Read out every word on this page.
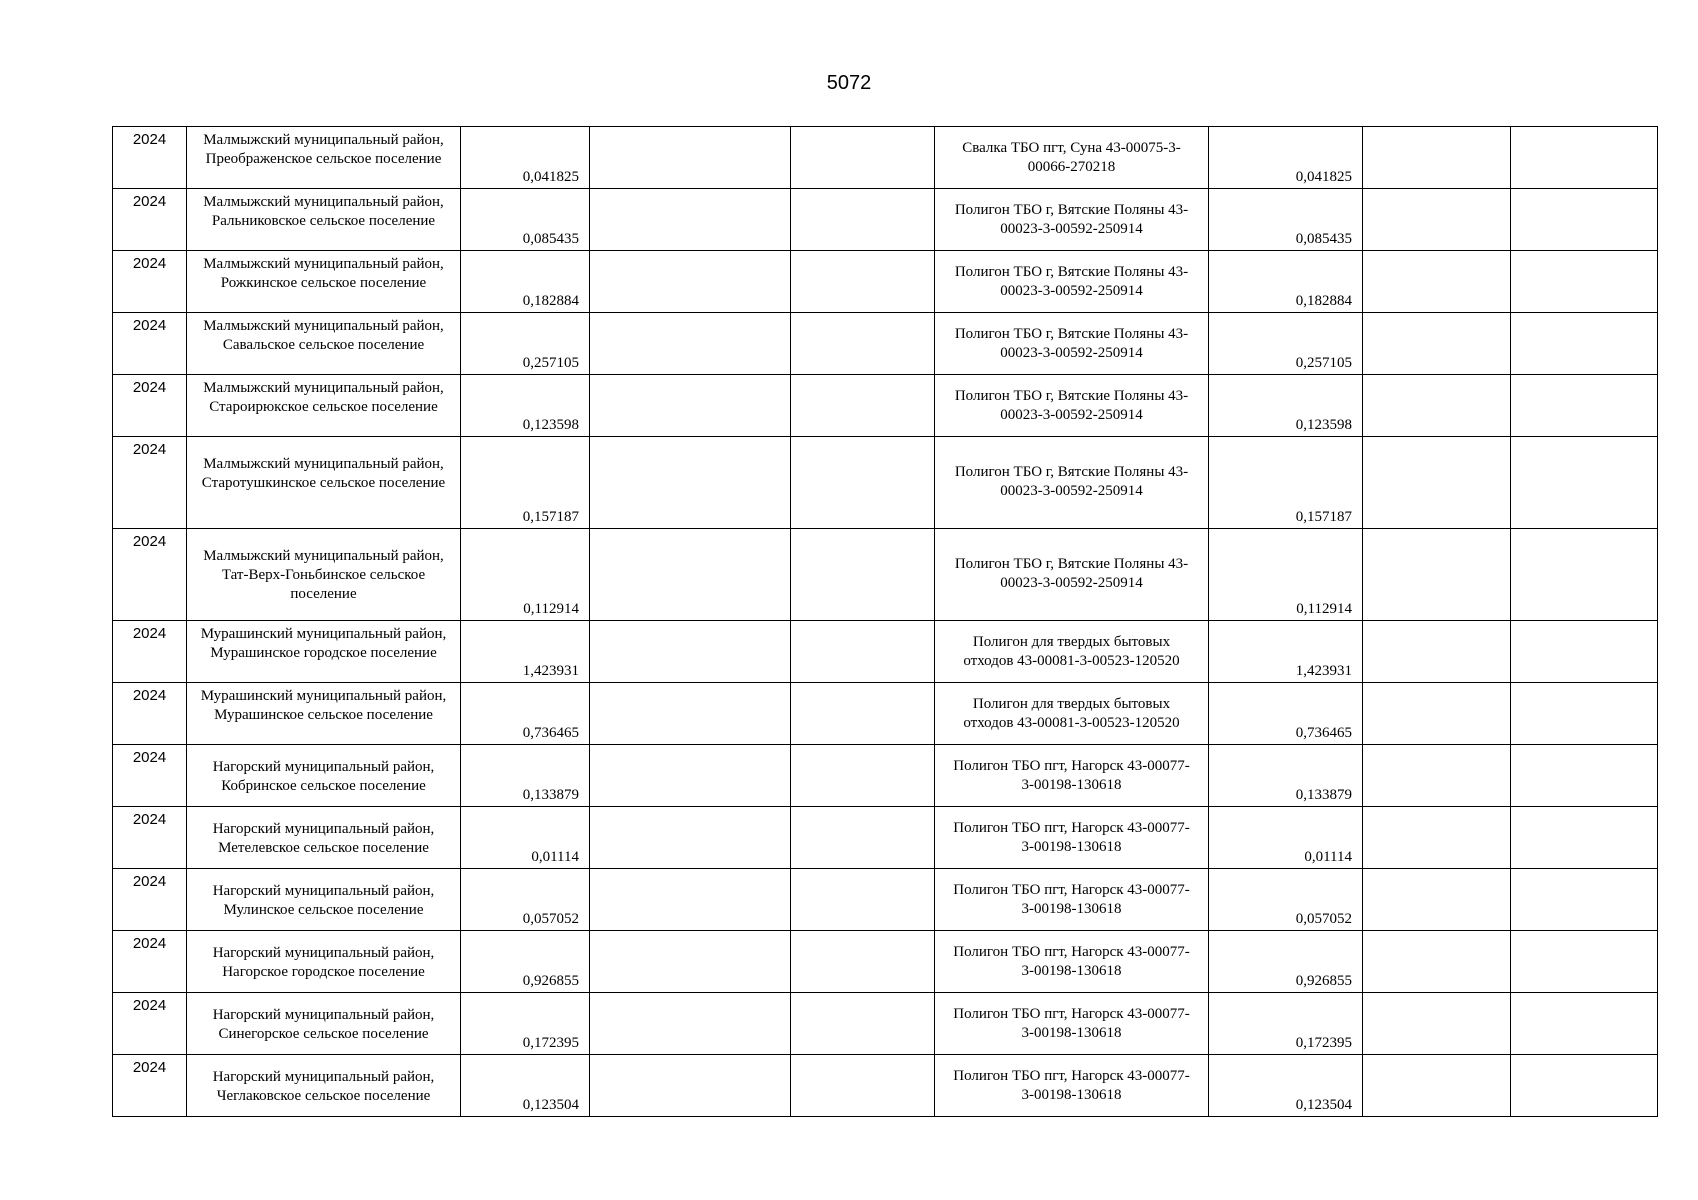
5072
2024	Малмыжский муниципальный район, Преображенское сельское поселение	0,041825			Свалка ТБО пгт, Суна 43-00075-3-00066-270218	0,041825		

2024	Малмыжский муниципальный район, Ральниковское сельское поселение	0,085435			Полигон ТБО г, Вятские Поляны 43-00023-3-00592-250914	0,085435		

2024	Малмыжский муниципальный район, Рожкинское сельское поселение	0,182884			Полигон ТБО г, Вятские Поляны 43-00023-3-00592-250914	0,182884		

2024	Малмыжский муниципальный район, Савальское сельское поселение	0,257105			Полигон ТБО г, Вятские Поляны 43-00023-3-00592-250914	0,257105		

2024	Малмыжский муниципальный район, Староирюкское сельское поселение	0,123598			Полигон ТБО г, Вятские Поляны 43-00023-3-00592-250914	0,123598		

2024	Малмыжский муниципальный район, Старотушкинское сельское поселение	0,157187			Полигон ТБО г, Вятские Поляны 43-00023-3-00592-250914	0,157187		

2024	Малмыжский муниципальный район, Тат-Верх-Гоньбинское сельское поселение	0,112914			Полигон ТБО г, Вятские Поляны 43-00023-3-00592-250914	0,112914		

2024	Мурашинский муниципальный район, Мурашинское городское поселение	1,423931			Полигон для твердых бытовых отходов 43-00081-3-00523-120520	1,423931		

2024	Мурашинский муниципальный район, Мурашинское сельское поселение	0,736465			Полигон для твердых бытовых отходов 43-00081-3-00523-120520	0,736465		

2024	Нагорский муниципальный район, Кобринское сельское поселение	0,133879			Полигон ТБО пгт, Нагорск 43-00077-3-00198-130618	0,133879		

2024	Нагорский муниципальный район, Метелевское сельское поселение	0,01114			Полигон ТБО пгт, Нагорск 43-00077-3-00198-130618	0,01114		

2024	Нагорский муниципальный район, Мулинское сельское поселение	0,057052			Полигон ТБО пгт, Нагорск 43-00077-3-00198-130618	0,057052		

2024	Нагорский муниципальный район, Нагорское городское поселение	0,926855			Полигон ТБО пгт, Нагорск 43-00077-3-00198-130618	0,926855		

2024	Нагорский муниципальный район, Синегорское сельское поселение	0,172395			Полигон ТБО пгт, Нагорск 43-00077-3-00198-130618	0,172395		

2024	Нагорский муниципальный район, Чеглаковское сельское поселение	0,123504			Полигон ТБО пгт, Нагорск 43-00077-3-00198-130618	0,123504		
